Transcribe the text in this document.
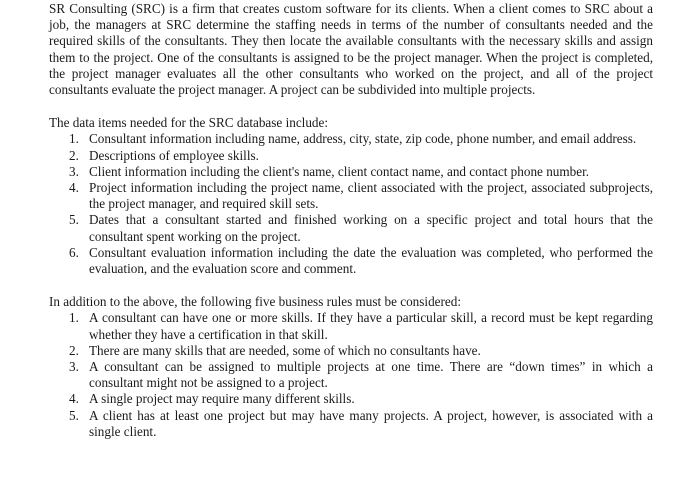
SR Consulting (SRC) is a firm that creates custom software for its clients. When a client comes to SRC about a job, the managers at SRC determine the staffing needs in terms of the number of consultants needed and the required skills of the consultants. They then locate the available consultants with the necessary skills and assign them to the project. One of the consultants is assigned to be the project manager. When the project is completed, the project manager evaluates all the other consultants who worked on the project, and all of the project consultants evaluate the project manager. A project can be subdivided into multiple projects.

The data items needed for the SRC database include:

1. Consultant information including name, address, city, state, zip code, phone number, and email address.
2. Descriptions of employee skills.
3. Client information including the client's name, client contact name, and contact phone number.
4. Project information including the project name, client associated with the project, associated subprojects, the project manager, and required skill sets.
5. Dates that a consultant started and finished working on a specific project and total hours that the consultant spent working on the project.
6. Consultant evaluation information including the date the evaluation was completed, who performed the evaluation, and the evaluation score and comment.

In addition to the above, the following five business rules must be considered:

1. A consultant can have one or more skills. If they have a particular skill, a record must be kept regarding whether they have a certification in that skill.
2. There are many skills that are needed, some of which no consultants have.
3. A consultant can be assigned to multiple projects at one time. There are “down times” in which a consultant might not be assigned to a project.
4. A single project may require many different skills.
5. A client has at least one project but may have many projects. A project, however, is associated with a single client.
